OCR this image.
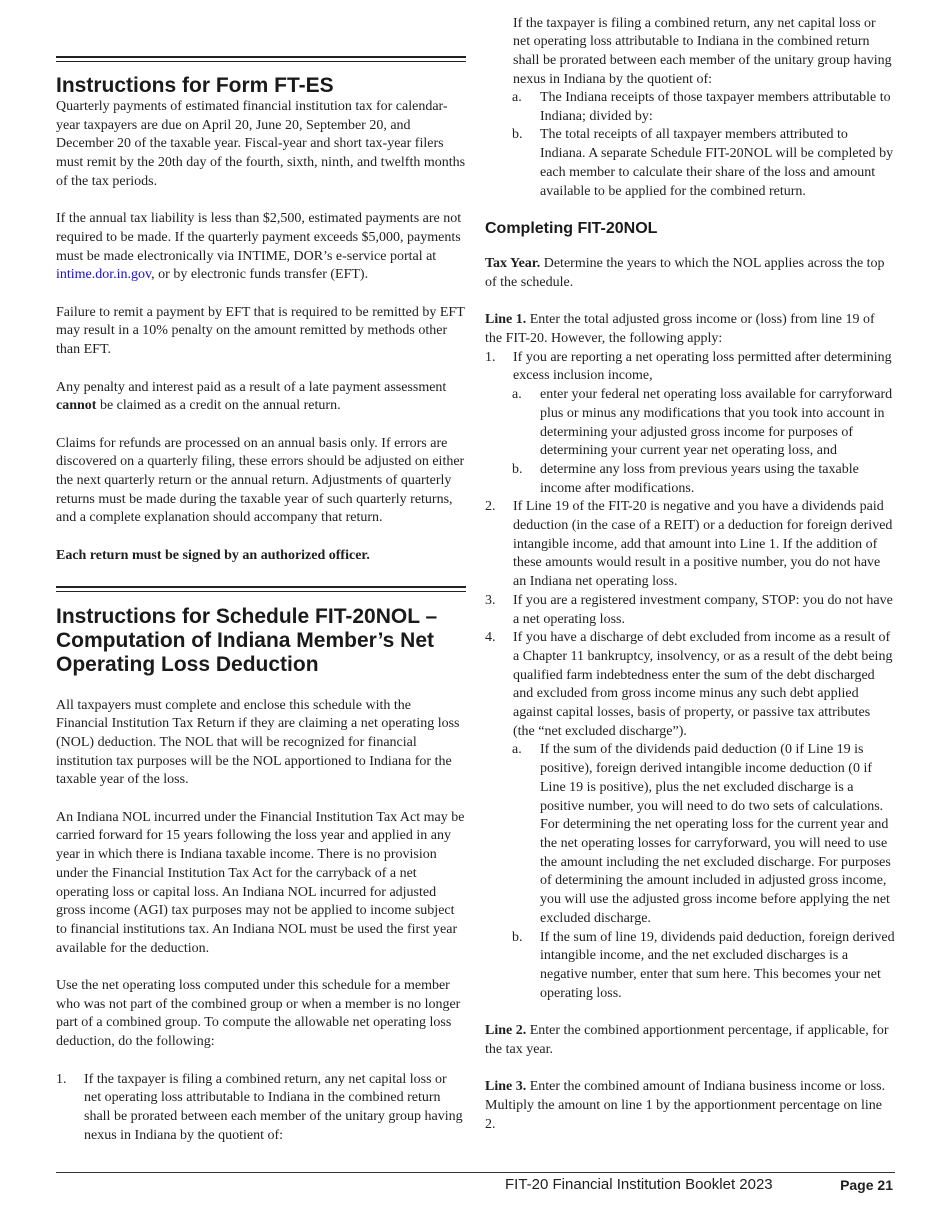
Instructions for Form FT-ES

Quarterly payments of estimated financial institution tax for calendar-year taxpayers are due on April 20, June 20, September 20, and December 20 of the taxable year. Fiscal-year and short tax-year filers must remit by the 20th day of the fourth, sixth, ninth, and twelfth months of the tax periods.

If the annual tax liability is less than $2,500, estimated payments are not required to be made. If the quarterly payment exceeds $5,000, payments must be made electronically via INTIME, DOR’s e-service portal at intime.dor.in.gov, or by electronic funds transfer (EFT).

Failure to remit a payment by EFT that is required to be remitted by EFT may result in a 10% penalty on the amount remitted by methods other than EFT.

Any penalty and interest paid as a result of a late payment assessment cannot be claimed as a credit on the annual return.

Claims for refunds are processed on an annual basis only. If errors are discovered on a quarterly filing, these errors should be adjusted on either the next quarterly return or the annual return. Adjustments of quarterly returns must be made during the taxable year of such quarterly returns, and a complete explanation should accompany that return.

Each return must be signed by an authorized officer.

Instructions for Schedule FIT-20NOL – Computation of Indiana Member’s Net Operating Loss Deduction

All taxpayers must complete and enclose this schedule with the Financial Institution Tax Return if they are claiming a net operating loss (NOL) deduction. The NOL that will be recognized for financial institution tax purposes will be the NOL apportioned to Indiana for the taxable year of the loss.

An Indiana NOL incurred under the Financial Institution Tax Act may be carried forward for 15 years following the loss year and applied in any year in which there is Indiana taxable income. There is no provision under the Financial Institution Tax Act for the carryback of a net operating loss or capital loss. An Indiana NOL incurred for adjusted gross income (AGI) tax purposes may not be applied to income subject to financial institutions tax. An Indiana NOL must be used the first year available for the deduction.

Use the net operating loss computed under this schedule for a member who was not part of the combined group or when a member is no longer part of a combined group. To compute the allowable net operating loss deduction, do the following:

1. If the taxpayer is filing a combined return, any net capital loss or net operating loss attributable to Indiana in the combined return shall be prorated between each member of the unitary group having nexus in Indiana by the quotient of:

If the taxpayer is filing a combined return, any net capital loss or net operating loss attributable to Indiana in the combined return shall be prorated between each member of the unitary group having nexus in Indiana by the quotient of:

a. The Indiana receipts of those taxpayer members attributable to Indiana; divided by:
b. The total receipts of all taxpayer members attributed to Indiana. A separate Schedule FIT-20NOL will be completed by each member to calculate their share of the loss and amount available to be applied for the combined return.
Completing FIT-20NOL

Tax Year. Determine the years to which the NOL applies across the top of the schedule.

Line 1. Enter the total adjusted gross income or (loss) from line 19 of the FIT-20. However, the following apply:

1. If you are reporting a net operating loss permitted after determining excess inclusion income,
a. enter your federal net operating loss available for carryforward plus or minus any modifications that you took into account in determining your adjusted gross income for purposes of determining your current year net operating loss, and
b. determine any loss from previous years using the taxable income after modifications.
2. If Line 19 of the FIT-20 is negative and you have a dividends paid deduction (in the case of a REIT) or a deduction for foreign derived intangible income, add that amount into Line 1. If the addition of these amounts would result in a positive number, you do not have an Indiana net operating loss.
3. If you are a registered investment company, STOP: you do not have a net operating loss.
4. If you have a discharge of debt excluded from income as a result of a Chapter 11 bankruptcy, insolvency, or as a result of the debt being qualified farm indebtedness enter the sum of the debt discharged and excluded from gross income minus any such debt applied against capital losses, basis of property, or passive tax attributes (the “net excluded discharge”).
a. If the sum of the dividends paid deduction (0 if Line 19 is positive), foreign derived intangible income deduction (0 if Line 19 is positive), plus the net excluded discharge is a positive number, you will need to do two sets of calculations. For determining the net operating loss for the current year and the net operating losses for carryforward, you will need to use the amount including the net excluded discharge. For purposes of determining the amount included in adjusted gross income, you will use the adjusted gross income before applying the net excluded discharge.
b. If the sum of line 19, dividends paid deduction, foreign derived intangible income, and the net excluded discharges is a negative number, enter that sum here. This becomes your net operating loss.

Line 2. Enter the combined apportionment percentage, if applicable, for the tax year.

Line 3. Enter the combined amount of Indiana business income or loss. Multiply the amount on line 1 by the apportionment percentage on line 2.

FIT-20 Financial Institution Booklet 2023	Page 21
